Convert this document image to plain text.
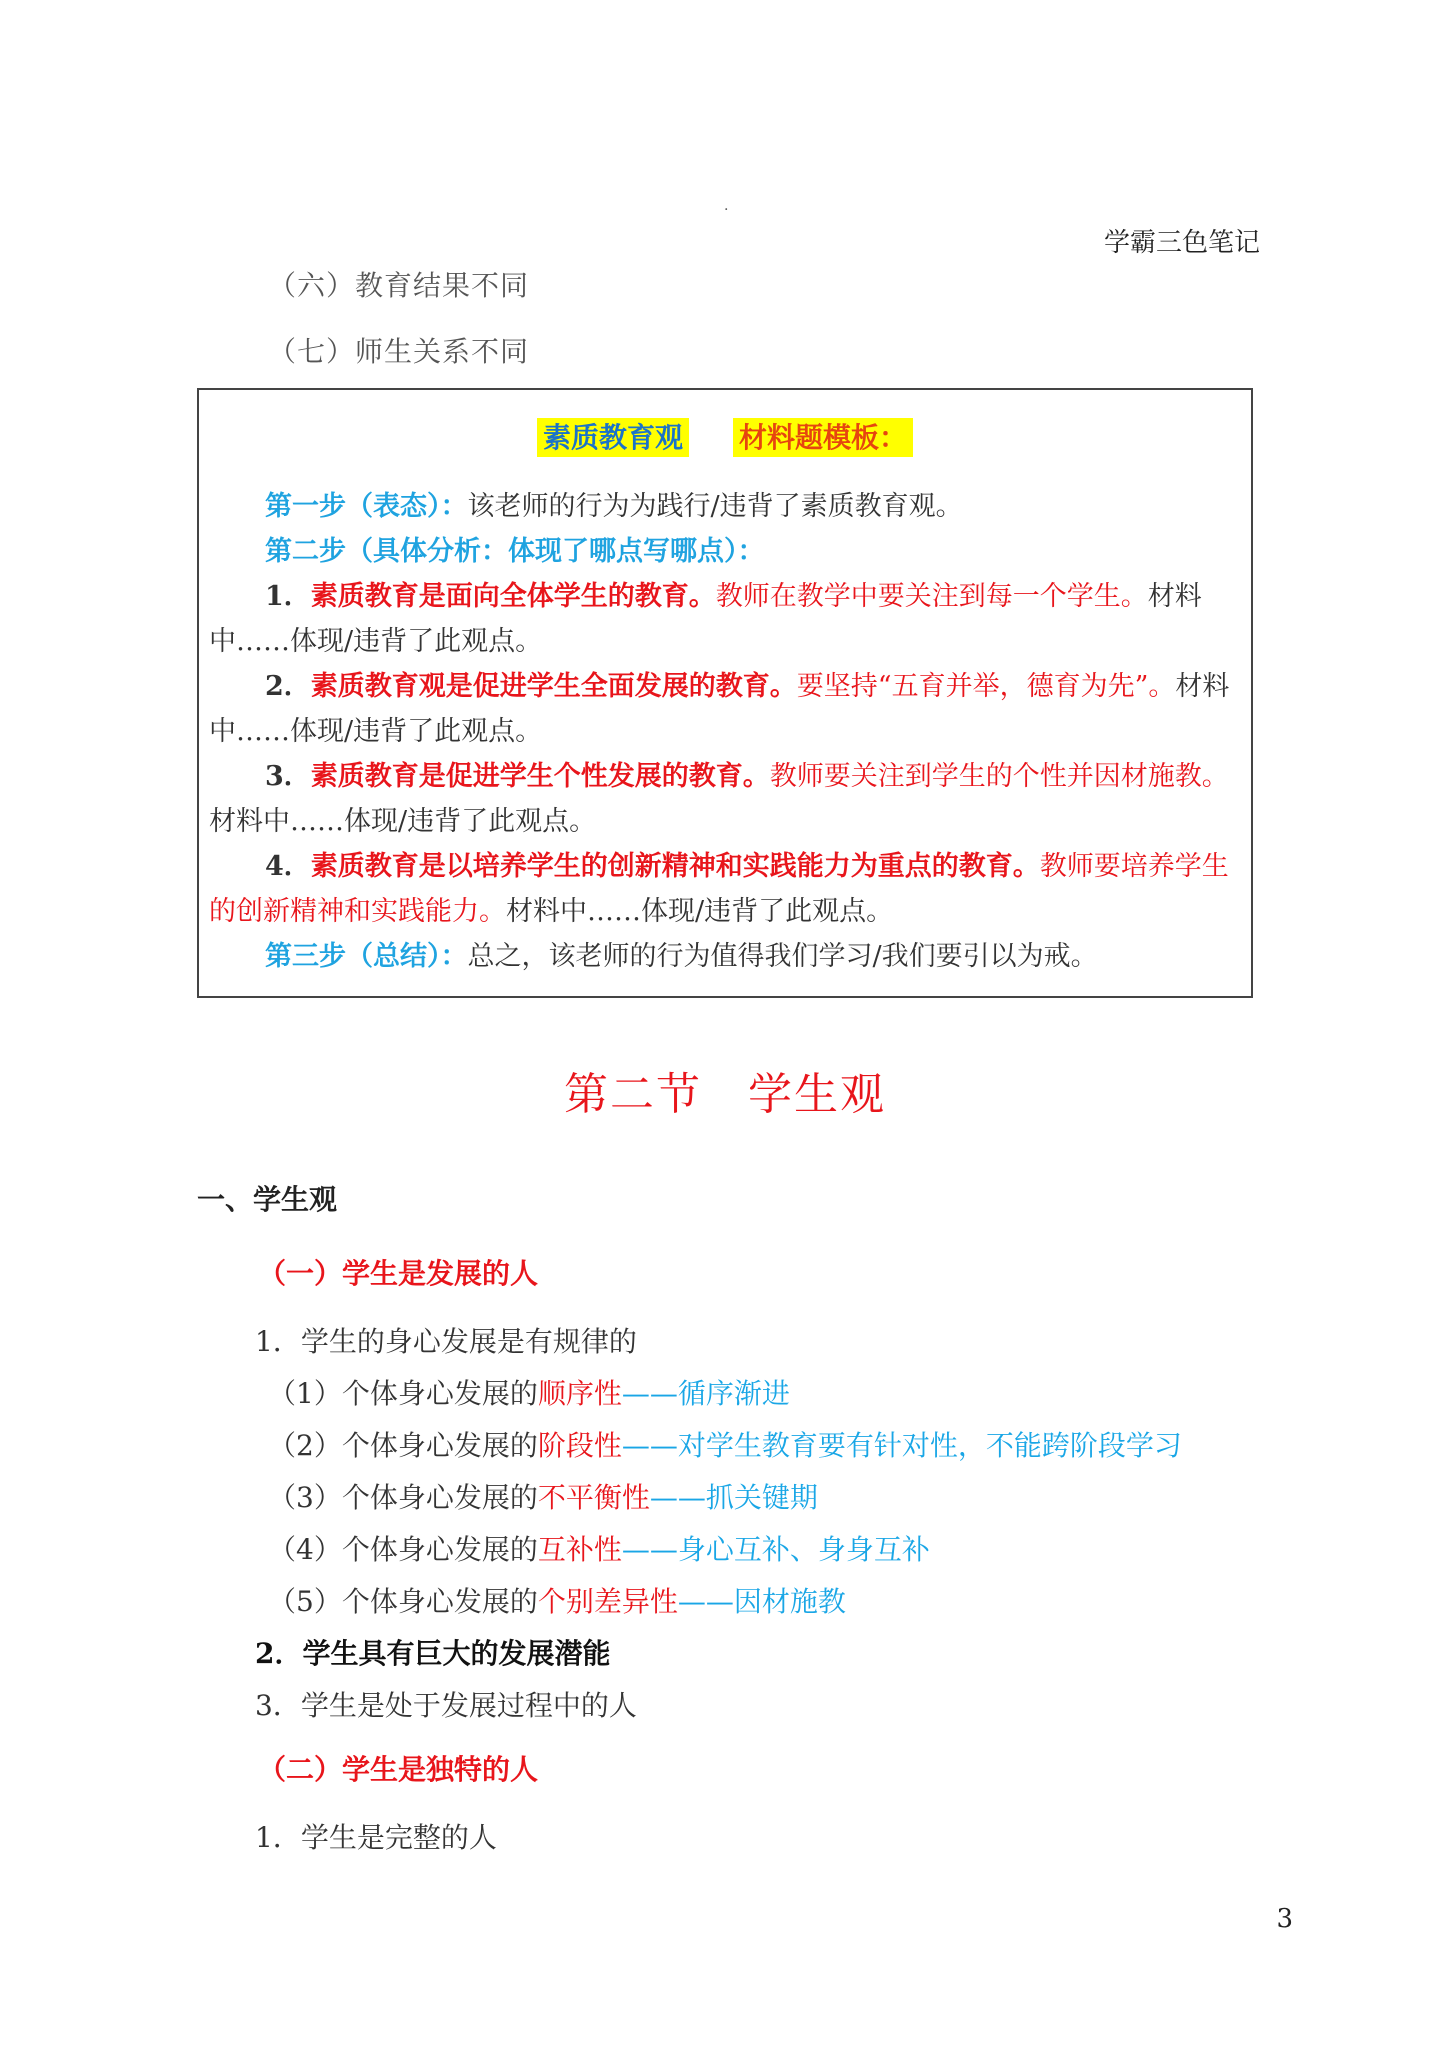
.
学霸三色笔记
（六）教育结果不同
（七）师生关系不同
素质教育观 材料题模板：
第一步（表态）：该老师的行为为践行/违背了素质教育观。
第二步（具体分析：体现了哪点写哪点）：
1．素质教育是面向全体学生的教育。教师在教学中要关注到每一个学生。材料中……体现/违背了此观点。
2．素质教育观是促进学生全面发展的教育。要坚持“五育并举，德育为先”。材料中……体现/违背了此观点。
3．素质教育是促进学生个性发展的教育。教师要关注到学生的个性并因材施教。材料中……体现/违背了此观点。
4．素质教育是以培养学生的创新精神和实践能力为重点的教育。教师要培养学生的创新精神和实践能力。材料中……体现/违背了此观点。
第三步（总结）：总之，该老师的行为值得我们学习/我们要引以为戒。
第二节　学生观
一、学生观
（一）学生是发展的人
1．学生的身心发展是有规律的
（1）个体身心发展的顺序性——循序渐进
（2）个体身心发展的阶段性——对学生教育要有针对性，不能跨阶段学习
（3）个体身心发展的不平衡性——抓关键期
（4）个体身心发展的互补性——身心互补、身身互补
（5）个体身心发展的个别差异性——因材施教
2．学生具有巨大的发展潜能
3．学生是处于发展过程中的人
（二）学生是独特的人
1．学生是完整的人
3
